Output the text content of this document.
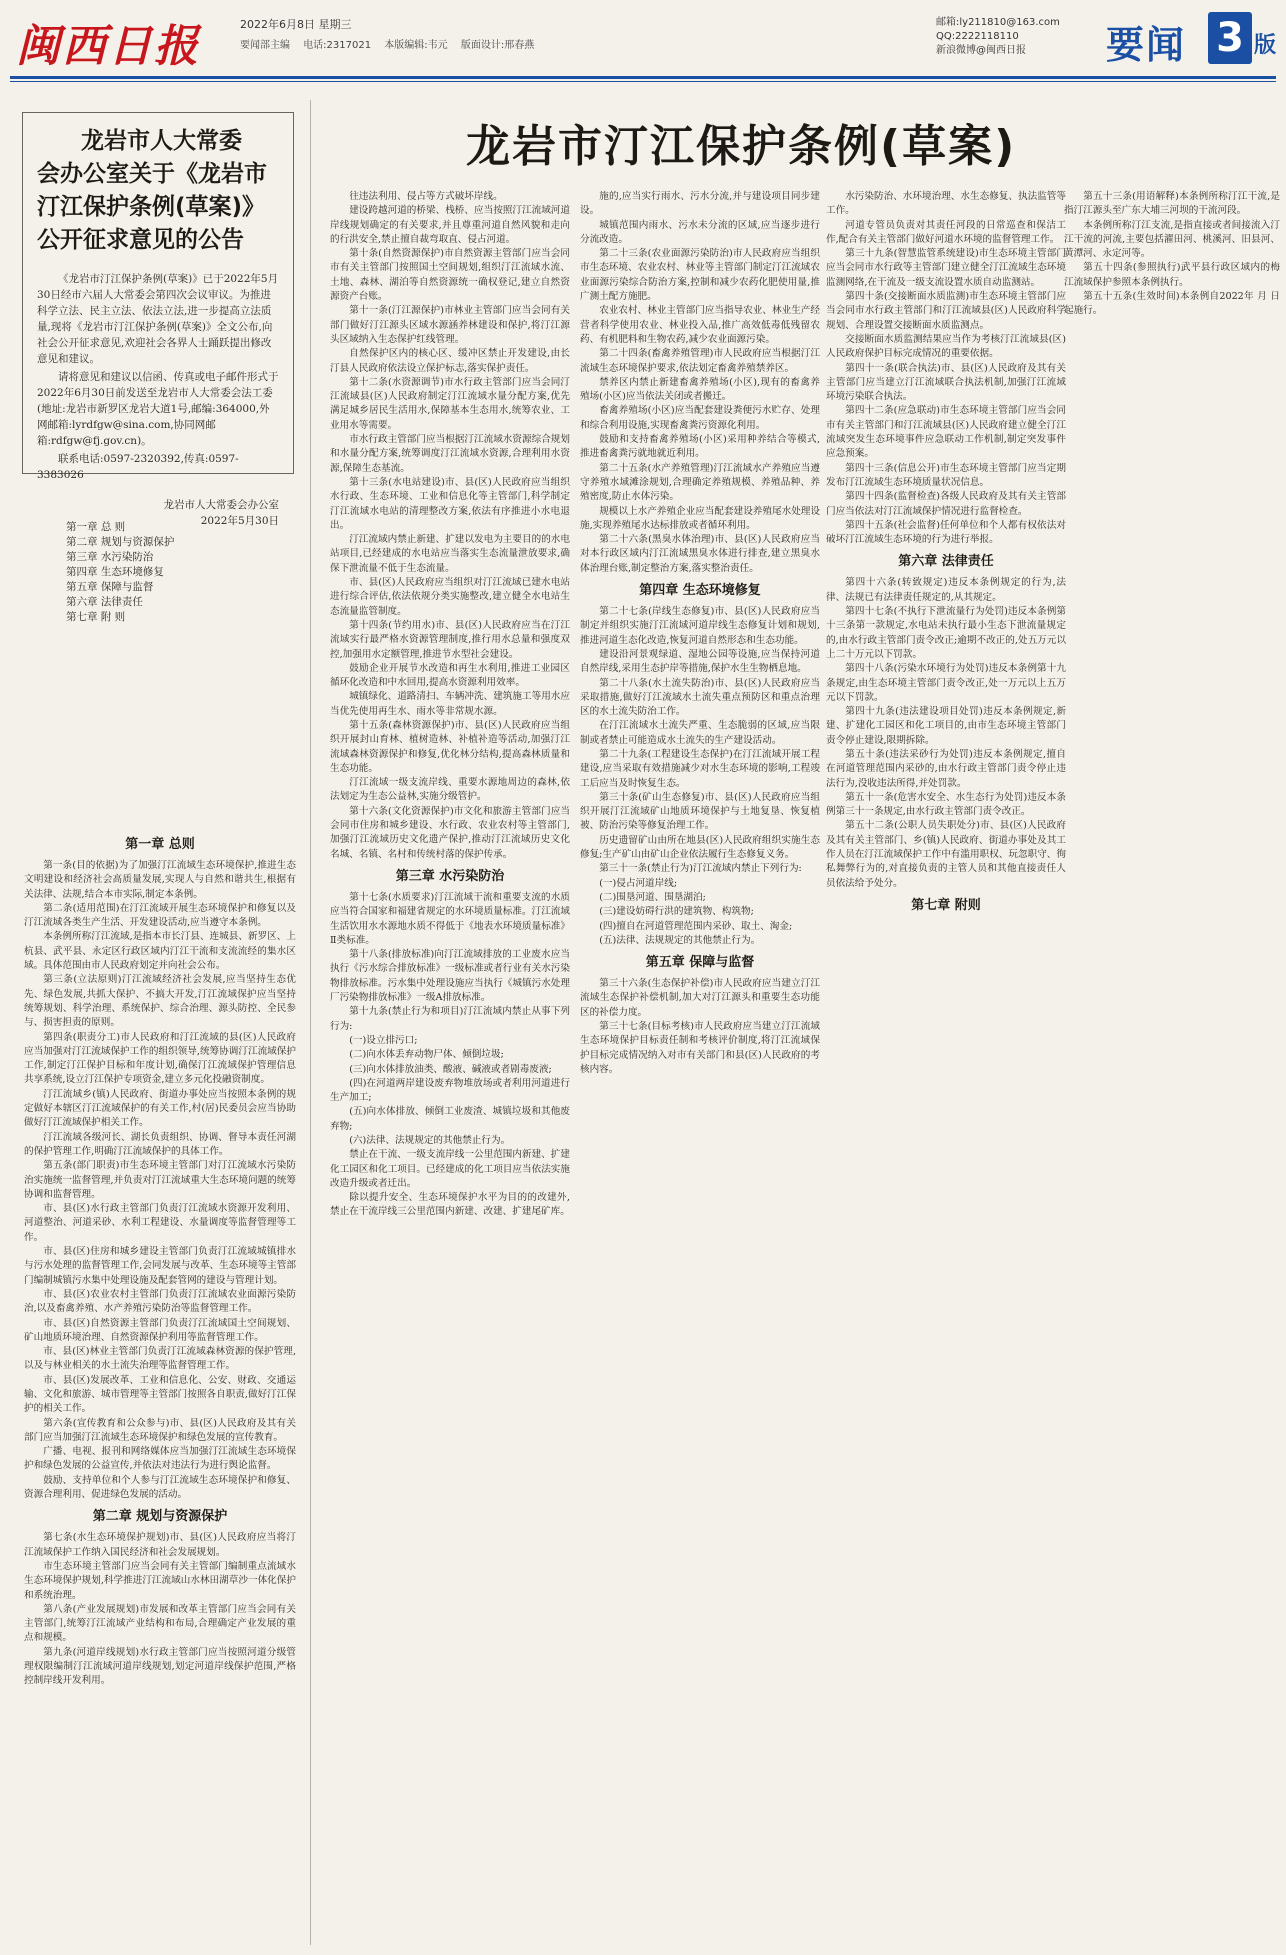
闽西日报	2022年6月8日 星期三
要闻部主编 电话:2317021 本版编辑:韦元 版面设计:邢春燕
邮箱:ly211810@163.com
QQ:2222118110
新浪微博@闽西日报	要闻 3 版
龙岩市人大常委
会办公室关于《龙岩市
汀江保护条例(草案)》
公开征求意见的公告

《龙岩市汀江保护条例(草案)》已于2022年5月30日经市六届人大常委会第四次会议审议。为推进科学立法、民主立法、依法立法,进一步提高立法质量,现将《龙岩市汀江保护条例(草案)》全文公布,向社会公开征求意见,欢迎社会各界人士踊跃提出修改意见和建议。

请将意见和建议以信函、传真或电子邮件形式于2022年6月30日前发送至龙岩市人大常委会法工委(地址:龙岩市新罗区龙岩大道1号,邮编:364000,外网邮箱:lyrdfgw@sina.com,协同网邮箱:rdfgw@fj.gov.cn)。

联系电话:0597-2320392,传真:0597-3383026

龙岩市人大常委会办公室
2022年5月30日
第一章 总 则
第二章 规划与资源保护
第三章 水污染防治
第四章 生态环境修复
第五章 保障与监督
第六章 法律责任
第七章 附 则
龙岩市汀江保护条例(草案)
第一章 总则

第一条(目的依据)为了加强汀江流域生态环境保护,推进生态文明建设和经济社会高质量发展,实现人与自然和谐共生,根据有关法律、法规,结合本市实际,制定本条例。

第二条(适用范围)在汀江流域开展生态环境保护和修复以及汀江流域各类生产生活、开发建设活动,应当遵守本条例。

本条例所称汀江流域,是指本市长汀县、连城县、新罗区、上杭县、武平县、永定区行政区域内汀江干流和支流流经的集水区域。具体范围由市人民政府划定并向社会公布。

第三条(立法原则)汀江流域经济社会发展,应当坚持生态优先、绿色发展,共抓大保护、不搞大开发,汀江流域保护应当坚持统筹规划、科学治理、系统保护、综合治理、源头防控、全民参与、损害担责的原则。

第四条(职责分工)市人民政府和汀江流域的县(区)人民政府应当加强对汀江流域保护工作的组织领导,统筹协调汀江流域保护工作,制定汀江保护目标和年度计划,确保汀江流域保护管理信息共享系统,设立汀江保护专项资金,建立多元化投融资制度。

汀江流域乡(镇)人民政府、街道办事处应当按照本条例的规定做好本辖区汀江流域保护的有关工作,村(居)民委员会应当协助做好汀江流域保护相关工作。

汀江流域各级河长、湖长负责组织、协调、督导本责任河湖的保护管理工作,明确汀江流域保护的具体工作。

第五条(部门职责)市生态环境主管部门对汀江流域水污染防治实施统一监督管理,并负责对汀江流域重大生态环境问题的统筹协调和监督管理。

市、县(区)水行政主管部门负责汀江流域水资源开发利用、河道整治、河道采砂、水利工程建设、水量调度等监督管理等工作。

市、县(区)住房和城乡建设主管部门负责汀江流域城镇排水与污水处理的监督管理工作,会同发展与改革、生态环境等主管部门编制城镇污水集中处理设施及配套管网的建设与管理计划。

市、县(区)农业农村主管部门负责汀江流域农业面源污染防治,以及畜禽养殖、水产养殖污染防治等监督管理工作。

市、县(区)自然资源主管部门负责汀江流域国土空间规划、矿山地质环境治理、自然资源保护利用等监督管理工作。

市、县(区)林业主管部门负责汀江流域森林资源的保护管理,以及与林业相关的水土流失治理等监督管理工作。

市、县(区)发展改革、工业和信息化、公安、财政、交通运输、文化和旅游、城市管理等主管部门按照各自职责,做好汀江保护的相关工作。

第六条(宣传教育和公众参与)市、县(区)人民政府及其有关部门应当加强汀江流域生态环境保护和绿色发展的宣传教育。

广播、电视、报刊和网络媒体应当加强汀江流域生态环境保护和绿色发展的公益宣传,并依法对违法行为进行舆论监督。

鼓励、支持单位和个人参与汀江流域生态环境保护和修复、资源合理利用、促进绿色发展的活动。

第二章 规划与资源保护

第七条(水生态环境保护规划)市、县(区)人民政府应当将汀江流域保护工作纳入国民经济和社会发展规划。

市生态环境主管部门应当会同有关主管部门编制重点流域水生态环境保护规划,科学推进汀江流域山水林田湖草沙一体化保护和系统治理。

第八条(产业发展规划)市发展和改革主管部门应当会同有关主管部门,统筹汀江流域产业结构和布局,合理确定产业发展的重点和规模。

第九条(河道岸线规划)水行政主管部门应当按照河道分级管理权限编制汀江流域河道岸线规划,划定河道岸线保护范围,严格控制岸线开发利用。

往违法利用、侵占等方式破坏岸线。

建设跨越河道的桥梁、栈桥、应当按照汀江流域河道岸线规划确定的有关要求,并且尊重河道自然风貌和走向的行洪安全,禁止擅自裁弯取直、侵占河道。

第十条(自然资源保护)市自然资源主管部门应当会同市有关主管部门按照国土空间规划,组织汀江流域水流、土地、森林、湖泊等自然资源统一确权登记,建立自然资源资产台账。

第十一条(汀江源保护)市林业主管部门应当会同有关部门做好汀江源头区域水源涵养林建设和保护,将汀江源头区域纳入生态保护红线管理。

自然保护区内的核心区、缓冲区禁止开发建设,由长汀县人民政府依法设立保护标志,落实保护责任。

第十二条(水资源调节)市水行政主管部门应当会同汀江流域县(区)人民政府制定汀江流域水量分配方案,优先满足城乡居民生活用水,保障基本生态用水,统筹农业、工业用水等需要。

市水行政主管部门应当根据汀江流域水资源综合规划和水量分配方案,统筹调度汀江流域水资源,合理利用水资源,保障生态基流。

第十三条(水电站建设)市、县(区)人民政府应当组织水行政、生态环境、工业和信息化等主管部门,科学制定汀江流域水电站的清理整改方案,依法有序推进小水电退出。

汀江流域内禁止新建、扩建以发电为主要目的的水电站项目,已经建成的水电站应当落实生态流量泄放要求,确保下泄流量不低于生态流量。

市、县(区)人民政府应当组织对汀江流域已建水电站进行综合评估,依法依规分类实施整改,建立健全水电站生态流量监管制度。

第十四条(节约用水)市、县(区)人民政府应当在汀江流域实行最严格水资源管理制度,推行用水总量和强度双控,加强用水定额管理,推进节水型社会建设。

鼓励企业开展节水改造和再生水利用,推进工业园区循环化改造和中水回用,提高水资源利用效率。

城镇绿化、道路清扫、车辆冲洗、建筑施工等用水应当优先使用再生水、雨水等非常规水源。

第十五条(森林资源保护)市、县(区)人民政府应当组织开展封山育林、植树造林、补植补造等活动,加强汀江流域森林资源保护和修复,优化林分结构,提高森林质量和生态功能。

汀江流域一级支流岸线、重要水源地周边的森林,依法划定为生态公益林,实施分级管护。

第十六条(文化资源保护)市文化和旅游主管部门应当会同市住房和城乡建设、水行政、农业农村等主管部门,加强汀江流域历史文化遗产保护,推动汀江流域历史文化名城、名镇、名村和传统村落的保护传承。

第三章 水污染防治

第十七条(水质要求)汀江流域干流和重要支流的水质应当符合国家和福建省规定的水环境质量标准。汀江流域生活饮用水水源地水质不得低于《地表水环境质量标准》Ⅱ类标准。

第十八条(排放标准)向汀江流域排放的工业废水应当执行《污水综合排放标准》一级标准或者行业有关水污染物排放标准。污水集中处理设施应当执行《城镇污水处理厂污染物排放标准》一级A排放标准。

第十九条(禁止行为和项目)汀江流域内禁止从事下列行为:

(一)设立排污口;

(二)向水体丢弃动物尸体、倾倒垃圾;

(三)向水体排放油类、酸液、碱液或者剧毒废液;

(四)在河道两岸建设废弃物堆放场或者利用河道进行生产加工;

(五)向水体排放、倾倒工业废渣、城镇垃圾和其他废弃物;

(六)法律、法规规定的其他禁止行为。

禁止在干流、一级支流岸线一公里范围内新建、扩建化工园区和化工项目。已经建成的化工项目应当依法实施改造升级或者迁出。

除以提升安全、生态环境保护水平为目的的改建外,禁止在干流岸线三公里范围内新建、改建、扩建尾矿库。

施的,应当实行雨水、污水分流,并与建设项目同步建设。

城镇范围内雨水、污水未分流的区域,应当逐步进行分流改造。

第二十三条(农业面源污染防治)市人民政府应当组织市生态环境、农业农村、林业等主管部门制定汀江流域农业面源污染综合防治方案,控制和减少农药化肥使用量,推广测土配方施肥。

农业农村、林业主管部门应当指导农业、林业生产经营者科学使用农业、林业投入品,推广高效低毒低残留农药、有机肥料和生物农药,减少农业面源污染。

第二十四条(畜禽养殖管理)市人民政府应当根据汀江流域生态环境保护要求,依法划定畜禽养殖禁养区。

禁养区内禁止新建畜禽养殖场(小区),现有的畜禽养殖场(小区)应当依法关闭或者搬迁。

畜禽养殖场(小区)应当配套建设粪便污水贮存、处理和综合利用设施,实现畜禽粪污资源化利用。

鼓励和支持畜禽养殖场(小区)采用种养结合等模式,推进畜禽粪污就地就近利用。

第二十五条(水产养殖管理)汀江流域水产养殖应当遵守养殖水域滩涂规划,合理确定养殖规模、养殖品种、养殖密度,防止水体污染。

规模以上水产养殖企业应当配套建设养殖尾水处理设施,实现养殖尾水达标排放或者循环利用。

第二十六条(黑臭水体治理)市、县(区)人民政府应当对本行政区域内汀江流域黑臭水体进行排查,建立黑臭水体治理台账,制定整治方案,落实整治责任。

第四章 生态环境修复

第二十七条(岸线生态修复)市、县(区)人民政府应当制定并组织实施汀江流域河道岸线生态修复计划和规划,推进河道生态化改造,恢复河道自然形态和生态功能。

建设沿河景观绿道、湿地公园等设施,应当保持河道自然岸线,采用生态护岸等措施,保护水生生物栖息地。

第二十八条(水土流失防治)市、县(区)人民政府应当采取措施,做好汀江流域水土流失重点预防区和重点治理区的水土流失防治工作。

在汀江流域水土流失严重、生态脆弱的区域,应当限制或者禁止可能造成水土流失的生产建设活动。

第二十九条(工程建设生态保护)在汀江流域开展工程建设,应当采取有效措施减少对水生态环境的影响,工程竣工后应当及时恢复生态。

第三十条(矿山生态修复)市、县(区)人民政府应当组织开展汀江流域矿山地质环境保护与土地复垦、恢复植被、防治污染等修复治理工作。

历史遗留矿山由所在地县(区)人民政府组织实施生态修复;生产矿山由矿山企业依法履行生态修复义务。

第三十一条(禁止行为)汀江流域内禁止下列行为:

(一)侵占河道岸线;

(二)围垦河道、围垦湖泊;

(三)建设妨碍行洪的建筑物、构筑物;

(四)擅自在河道管理范围内采砂、取土、淘金;

(五)法律、法规规定的其他禁止行为。

第五章 保障与监督

第三十六条(生态保护补偿)市人民政府应当建立汀江流域生态保护补偿机制,加大对汀江源头和重要生态功能区的补偿力度。

第三十七条(目标考核)市人民政府应当建立汀江流域生态环境保护目标责任制和考核评价制度,将汀江流域保护目标完成情况纳入对市有关部门和县(区)人民政府的考核内容。

水污染防治、水环境治理、水生态修复、执法监管等工作。

河道专管员负责对其责任河段的日常巡查和保洁工作,配合有关主管部门做好河道水环境的监督管理工作。

第三十九条(智慧监管系统建设)市生态环境主管部门应当会同市水行政等主管部门建立健全汀江流域生态环境监测网络,在干流及一级支流设置水质自动监测站。

第四十条(交接断面水质监测)市生态环境主管部门应当会同市水行政主管部门和汀江流域县(区)人民政府科学规划、合理设置交接断面水质监测点。

交接断面水质监测结果应当作为考核汀江流域县(区)人民政府保护目标完成情况的重要依据。

第四十一条(联合执法)市、县(区)人民政府及其有关主管部门应当建立汀江流域联合执法机制,加强汀江流域环境污染联合执法。

第四十二条(应急联动)市生态环境主管部门应当会同市有关主管部门和汀江流域县(区)人民政府建立健全汀江流域突发生态环境事件应急联动工作机制,制定突发事件应急预案。

第四十三条(信息公开)市生态环境主管部门应当定期发布汀江流域生态环境质量状况信息。

第四十四条(监督检查)各级人民政府及其有关主管部门应当依法对汀江流域保护情况进行监督检查。

第四十五条(社会监督)任何单位和个人都有权依法对破坏汀江流域生态环境的行为进行举报。

第六章 法律责任

第四十六条(转致规定)违反本条例规定的行为,法律、法规已有法律责任规定的,从其规定。

第四十七条(不执行下泄流量行为处罚)违反本条例第十三条第一款规定,水电站未执行最小生态下泄流量规定的,由水行政主管部门责令改正;逾期不改正的,处五万元以上二十万元以下罚款。

第四十八条(污染水环境行为处罚)违反本条例第十九条规定,由生态环境主管部门责令改正,处一万元以上五万元以下罚款。

第四十九条(违法建设项目处罚)违反本条例规定,新建、扩建化工园区和化工项目的,由市生态环境主管部门责令停止建设,限期拆除。

第五十条(违法采砂行为处罚)违反本条例规定,擅自在河道管理范围内采砂的,由水行政主管部门责令停止违法行为,没收违法所得,并处罚款。

第五十一条(危害水安全、水生态行为处罚)违反本条例第三十一条规定,由水行政主管部门责令改正。

第五十二条(公职人员失职处分)市、县(区)人民政府及其有关主管部门、乡(镇)人民政府、街道办事处及其工作人员在汀江流域保护工作中有滥用职权、玩忽职守、徇私舞弊行为的,对直接负责的主管人员和其他直接责任人员依法给予处分。

第七章 附则

第五十三条(用语解释)本条例所称汀江干流,是指汀江源头至广东大埔三河坝的干流河段。

本条例所称汀江支流,是指直接或者间接流入汀江干流的河流,主要包括濯田河、桃溪河、旧县河、黄潭河、永定河等。

第五十四条(参照执行)武平县行政区域内的梅江流域保护参照本条例执行。

第五十五条(生效时间)本条例自2022年 月 日起施行。
